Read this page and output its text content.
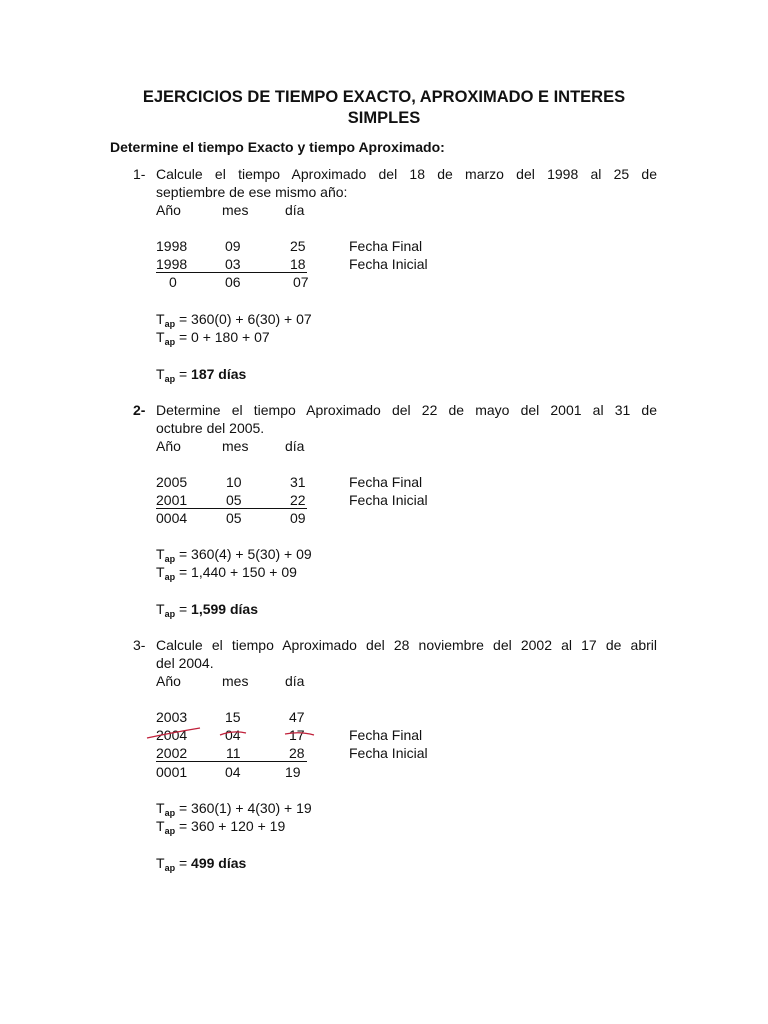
EJERCICIOS DE TIEMPO EXACTO, APROXIMADO E INTERES
SIMPLES
Determine el tiempo Exacto y tiempo Aproximado:
1- Calcule el tiempo Aproximado del 18 de marzo del 1998 al 25 de
septiembre de ese mismo año:
Año	mes	día
1998	09	25	Fecha Final
1998	03	18	Fecha Inicial
0	06	07
$T_{ap} = 360(0) + 6(30) + 07$
$T_{ap} = 0 + 180 + 07$
$T_{ap} = 187$ días
2- Determine el tiempo Aproximado del 22 de mayo del 2001 al 31 de
octubre del 2005.
Año	mes	día
2005	10	31	Fecha Final
2001	05	22	Fecha Inicial
0004	05	09
$T_{ap} = 360(4) + 5(30) + 09$
$T_{ap} = 1,440 + 150 + 09$
$T_{ap} = 1,599$ días
3- Calcule el tiempo Aproximado del 28 noviembre del 2002 al 17 de abril
del 2004.
Año	mes	día
2003	15	47
2004	04	17	Fecha Final
2002	11	28	Fecha Inicial
0001	04	19
$T_{ap} = 360(1) + 4(30) + 19$
$T_{ap} = 360 + 120 + 19$
$T_{ap} = 499$ días
